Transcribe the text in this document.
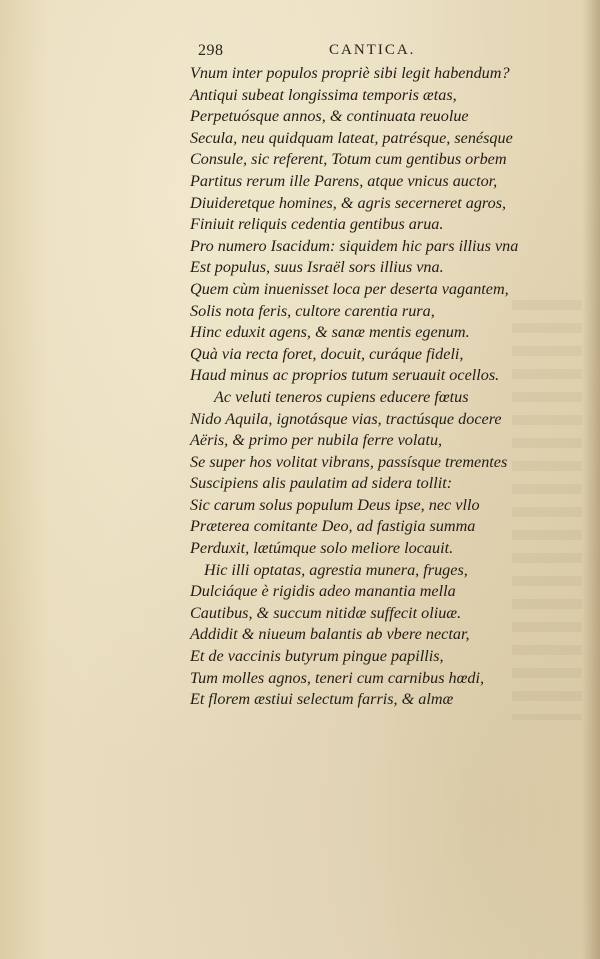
298	CANTICA.
Vnum inter populos propriè sibi legit habendum?
Antiqui subeat longissima temporis ætas,
Perpetuósque annos, & continuata reuolue
Secula, neu quidquam lateat, patrésque, senésque
Consule, sic referent, Totum cum gentibus orbem
Partitus rerum ille Parens, atque vnicus auctor,
Diuideretque homines, & agris secerneret agros,
Finiuit reliquis cedentia gentibus arua.
Pro numero Isacidum: siquidem hic pars illius vna
Est populus, suus Israël sors illius vna.
Quem cùm inuenisset loca per deserta vagantem,
Solis nota feris, cultore carentia rura,
Hinc eduxit agens, & sanæ mentis egenum.
Quà via recta foret, docuit, curáque fideli,
Haud minus ac proprios tutum seruauit ocellos.
Ac veluti teneros cupiens educere fœtus
Nido Aquila, ignotásque vias, tractúsque docere
Aëris, & primo per nubila ferre volatu,
Se super hos volitat vibrans, passísque trementes
Suscipiens alis paulatim ad sidera tollit:
Sic carum solus populum Deus ipse, nec vllo
Præterea comitante Deo, ad fastigia summa
Perduxit, lætúmque solo meliore locauit.
Hic illi optatas, agrestia munera, fruges,
Dulciáque è rigidis adeo manantia mella
Cautibus, & succum nitidæ suffecit oliuæ.
Addidit & niueum balantis ab vbere nectar,
Et de vaccinis butyrum pingue papillis,
Tum molles agnos, teneri cum carnibus hœdi,
Et florem æstiui selectum farris, & almæ
